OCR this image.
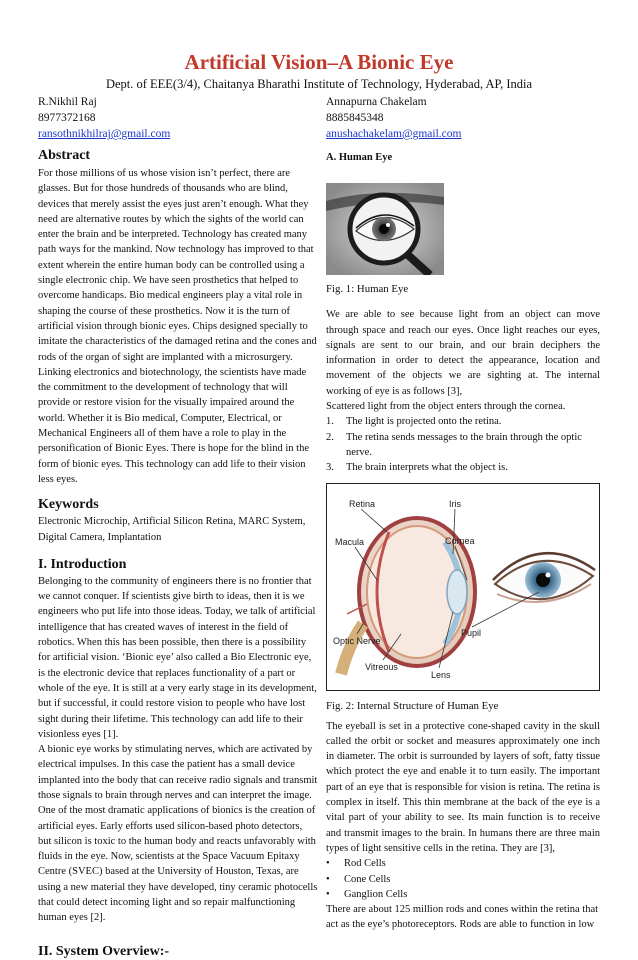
Artificial Vision–A Bionic Eye
Dept. of EEE(3/4), Chaitanya Bharathi Institute of Technology, Hyderabad, AP, India
R.Nikhil Raj
8977372168
ransothnikhilraj@gmail.com
Annapurna Chakelam
8885845348
anushachakelam@gmail.com
Abstract
For those millions of us whose vision isn’t perfect, there are glasses. But for those hundreds of thousands who are blind, devices that merely assist the eyes just aren’t enough. What they need are alternative routes by which the sights of the world can enter the brain and be interpreted. Technology has created many path ways for the mankind. Now technology has improved to that extent wherein the entire human body can be controlled using a single electronic chip. We have seen prosthetics that helped to overcome handicaps. Bio medical engineers play a vital role in shaping the course of these prosthetics. Now it is the turn of artificial vision through bionic eyes. Chips designed specially to imitate the characteristics of the damaged retina and the cones and rods of the organ of sight are implanted with a microsurgery. Linking electronics and biotechnology, the scientists have made the commitment to the development of technology that will provide or restore vision for the visually impaired around the world. Whether it is Bio medical, Computer, Electrical, or Mechanical Engineers all of them have a role to play in the personification of Bionic Eyes. There is hope for the blind in the form of bionic eyes. This technology can add life to their vision less eyes.
Keywords
Electronic Microchip, Artificial Silicon Retina, MARC System, Digital Camera, Implantation
I. Introduction
Belonging to the community of engineers there is no frontier that we cannot conquer. If scientists give birth to ideas, then it is we engineers who put life into those ideas. Today, we talk of artificial intelligence that has created waves of interest in the field of robotics. When this has been possible, then there is a possibility for artificial vision. ‘Bionic eye’ also called a Bio Electronic eye, is the electronic device that replaces functionality of a part or whole of the eye. It is still at a very early stage in its development, but if successful, it could restore vision to people who have lost sight during their lifetime. This technology can add life to their visionless eyes [1].
A bionic eye works by stimulating nerves, which are activated by electrical impulses. In this case the patient has a small device implanted into the body that can receive radio signals and transmit those signals to brain through nerves and can interpret the image. One of the most dramatic applications of bionics is the creation of artificial eyes. Early efforts used silicon-based photo detectors, but silicon is toxic to the human body and reacts unfavorably with fluids in the eye. Now, scientists at the Space Vacuum Epitaxy Centre (SVEC) based at the University of Houston, Texas, are using a new material they have developed, tiny ceramic photocells that could detect incoming light and so repair malfunctioning human eyes [2].
II. System Overview:-
A. Human Eye
Fig. 1: Human Eye
We are able to see because light from an object can move through space and reach our eyes. Once light reaches our eyes, signals are sent to our brain, and our brain deciphers the information in order to detect the appearance, location and movement of the objects we are sighting at. The internal working of eye is as follows [3],
Scattered light from the object enters through the cornea.
1. The light is projected onto the retina.
2. The retina sends messages to the brain through the optic nerve.
3. The brain interprets what the object is.
Retina	Iris
Macula	Cornea
Optic Nerve
Pupil
Vitreous
Lens
Fig. 2: Internal Structure of Human Eye
The eyeball is set in a protective cone-shaped cavity in the skull called the orbit or socket and measures approximately one inch in diameter. The orbit is surrounded by layers of soft, fatty tissue which protect the eye and enable it to turn easily. The important part of an eye that is responsible for vision is retina. The retina is complex in itself. This thin membrane at the back of the eye is a vital part of your ability to see. Its main function is to receive and transmit images to the brain. In humans there are three main types of light sensitive cells in the retina. They are [3],
• Rod Cells
• Cone Cells
• Ganglion Cells
There are about 125 million rods and cones within the retina that act as the eye’s photoreceptors. Rods are able to function in low
